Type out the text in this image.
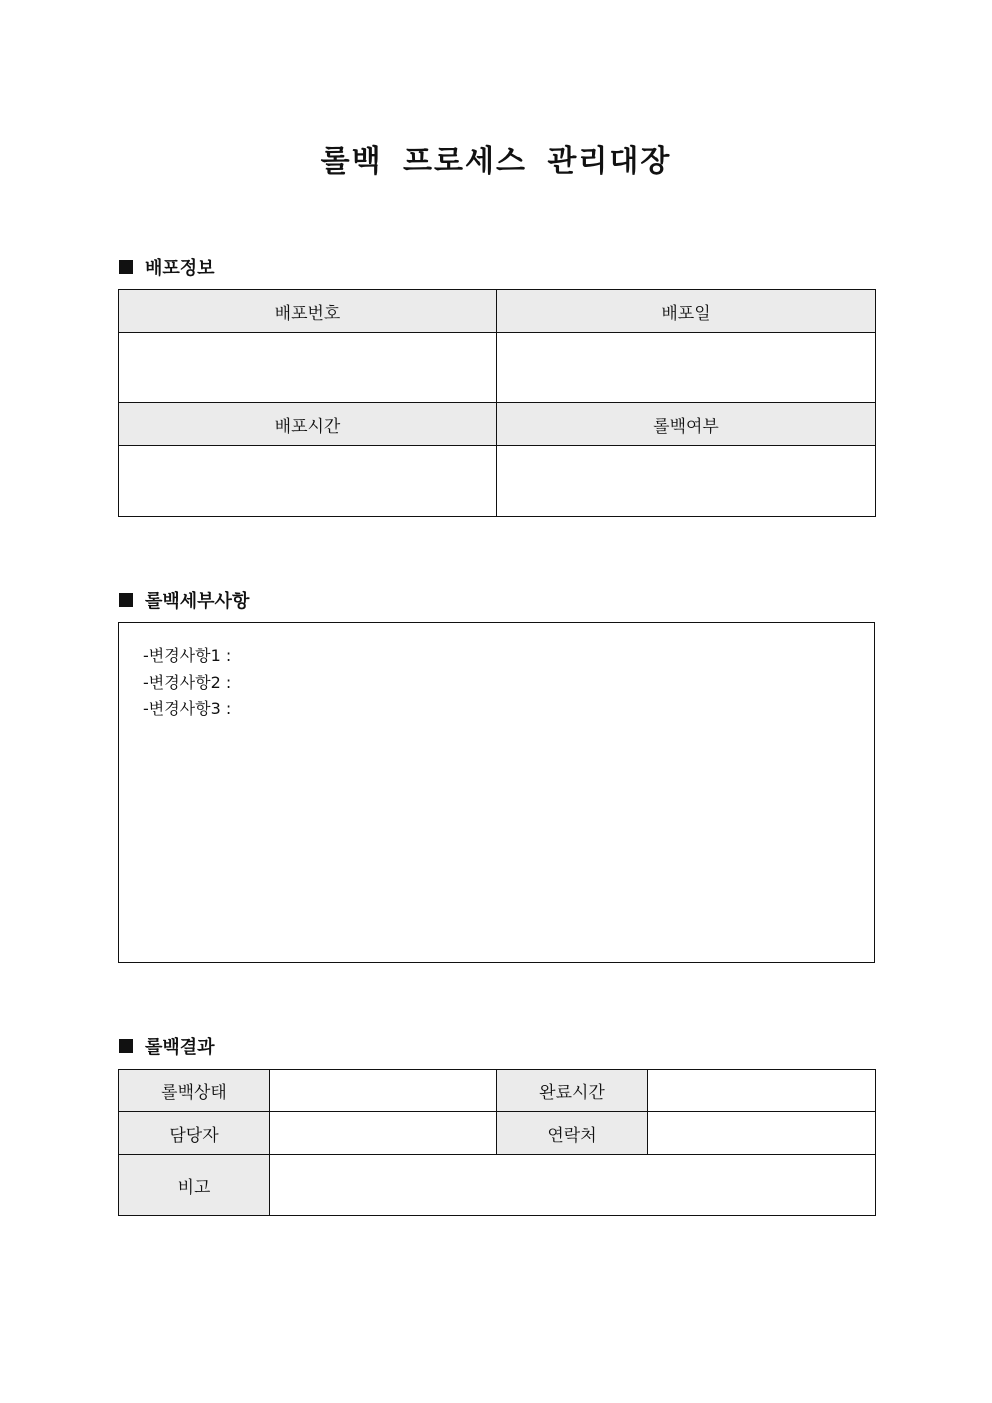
롤백 프로세스 관리대장
배포정보
배포번호	배포일

배포시간	롤백여부

롤백세부사항
-변경사항1 :
-변경사항2 :
-변경사항3 :
롤백결과
롤백상태		완료시간	
담당자		연락처	
비고			
